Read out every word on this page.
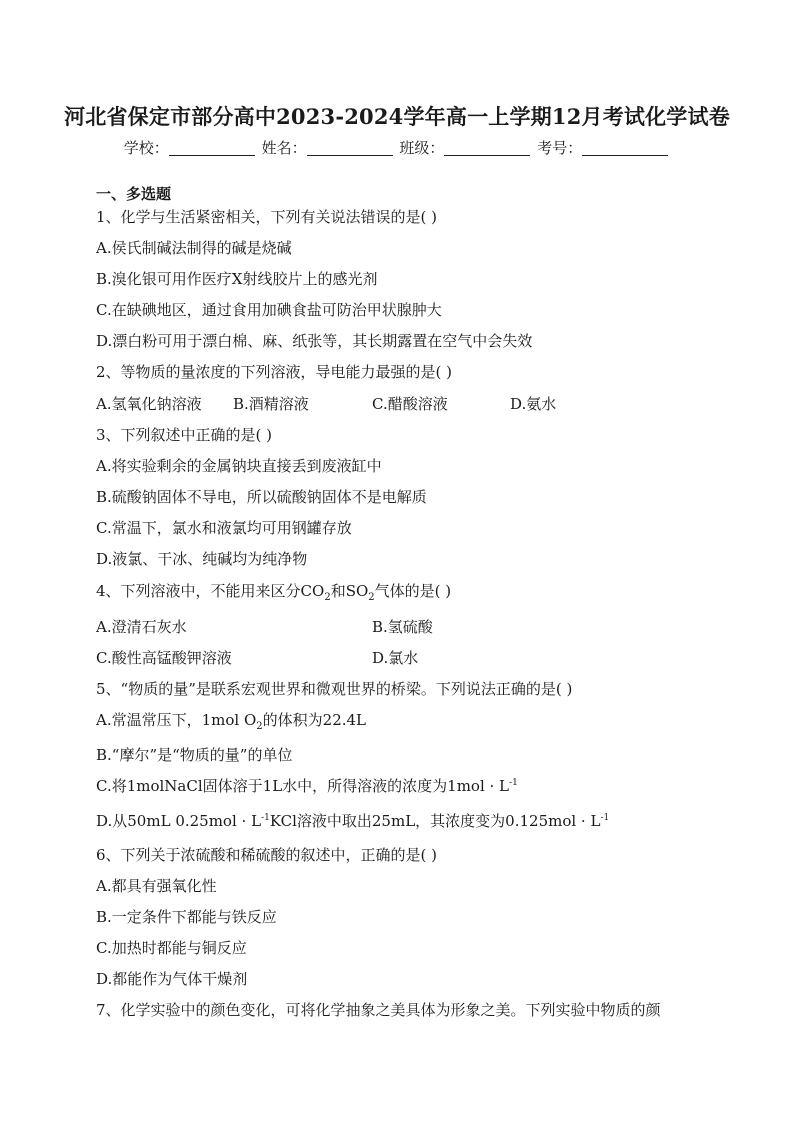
河北省保定市部分高中2023-2024学年高一上学期12月考试化学试卷
学校：	姓名：	班级：	考号：
一、多选题
1、化学与生活紧密相关，下列有关说法错误的是( )
A.侯氏制碱法制得的碱是烧碱
B.溴化银可用作医疗X射线胶片上的感光剂
C.在缺碘地区，通过食用加碘食盐可防治甲状腺肿大
D.漂白粉可用于漂白棉、麻、纸张等，其长期露置在空气中会失效
2、等物质的量浓度的下列溶液，导电能力最强的是( )
A.氢氧化钠溶液 B.酒精溶液	C.醋酸溶液	D.氨水
3、下列叙述中正确的是( )
A.将实验剩余的金属钠块直接丢到废液缸中
B.硫酸钠固体不导电，所以硫酸钠固体不是电解质
C.常温下，氯水和液氯均可用钢罐存放
D.液氯、干冰、纯碱均为纯净物
4、下列溶液中，不能用来区分$CO_2$和$SO_2$气体的是( )
A.澄清石灰水	B.氢硫酸
C.酸性高锰酸钾溶液	D.氯水
5、“物质的量”是联系宏观世界和微观世界的桥梁。下列说法正确的是( )
A.常温常压下，1mol $O_2$的体积为22.4L
B.“摩尔”是“物质的量”的单位
C.将1molNaCl固体溶于1L水中，所得溶液的浓度为$1mol \cdot L^{-1}$
D.从50mL $0.25mol \cdot L^{-1}KCl$溶液中取出25mL，其浓度变为$0.125mol \cdot L^{-1}$
6、下列关于浓硫酸和稀硫酸的叙述中，正确的是( )
A.都具有强氧化性
B.一定条件下都能与铁反应
C.加热时都能与铜反应
D.都能作为气体干燥剂
7、化学实验中的颜色变化，可将化学抽象之美具体为形象之美。下列实验中物质的颜
